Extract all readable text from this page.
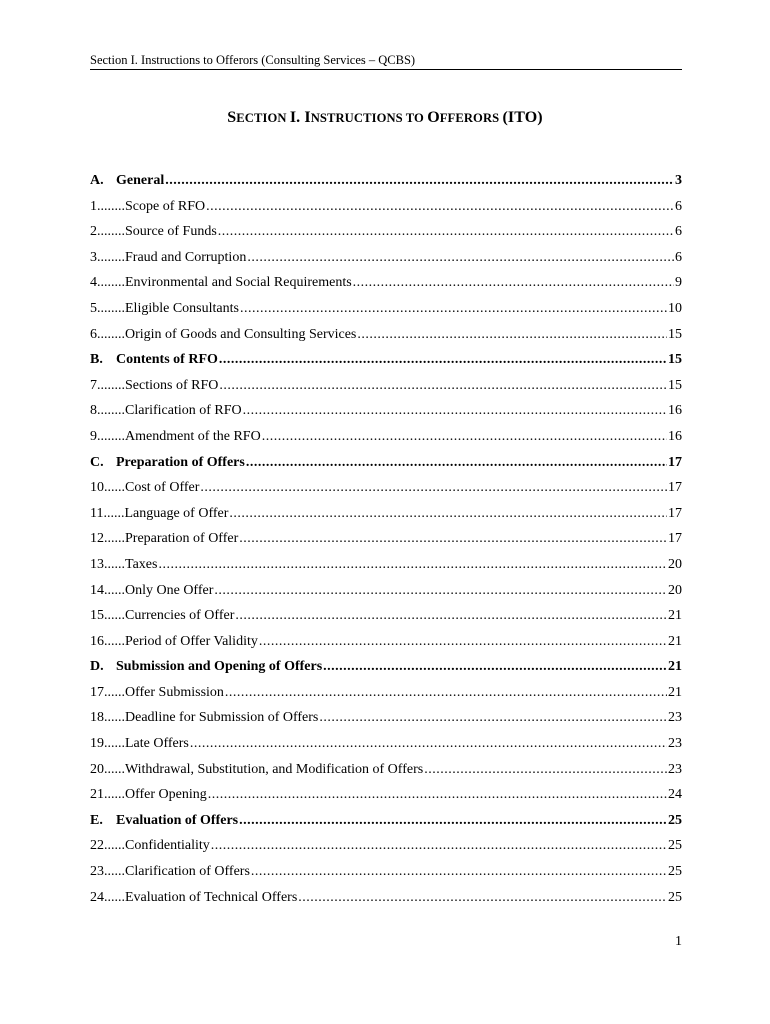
Section I. Instructions to Offerors (Consulting Services – QCBS)
SECTION I. INSTRUCTIONS TO OFFERORS (ITO)
A. General .....	3
1........ Scope of RFO .....	6
2........ Source of Funds .....	6
3........ Fraud and Corruption .....	6
4........ Environmental and Social Requirements .....	9
5........ Eligible Consultants .....	10
6........ Origin of Goods and Consulting Services .....	15
B. Contents of RFO .....	15
7........ Sections of RFO .....	15
8........ Clarification of RFO .....	16
9........ Amendment of the RFO .....	16
C. Preparation of Offers .....	17
10...... Cost of Offer .....	17
11...... Language of Offer .....	17
12...... Preparation of Offer .....	17
13...... Taxes .....	20
14...... Only One Offer .....	20
15...... Currencies of Offer .....	21
16...... Period of Offer Validity .....	21
D. Submission and Opening of Offers .....	21
17...... Offer Submission .....	21
18...... Deadline for Submission of Offers .....	23
19...... Late Offers .....	23
20...... Withdrawal, Substitution, and Modification of Offers .....	23
21...... Offer Opening .....	24
E. Evaluation of Offers .....	25
22...... Confidentiality .....	25
23...... Clarification of Offers .....	25
24...... Evaluation of Technical Offers .....	25
1
